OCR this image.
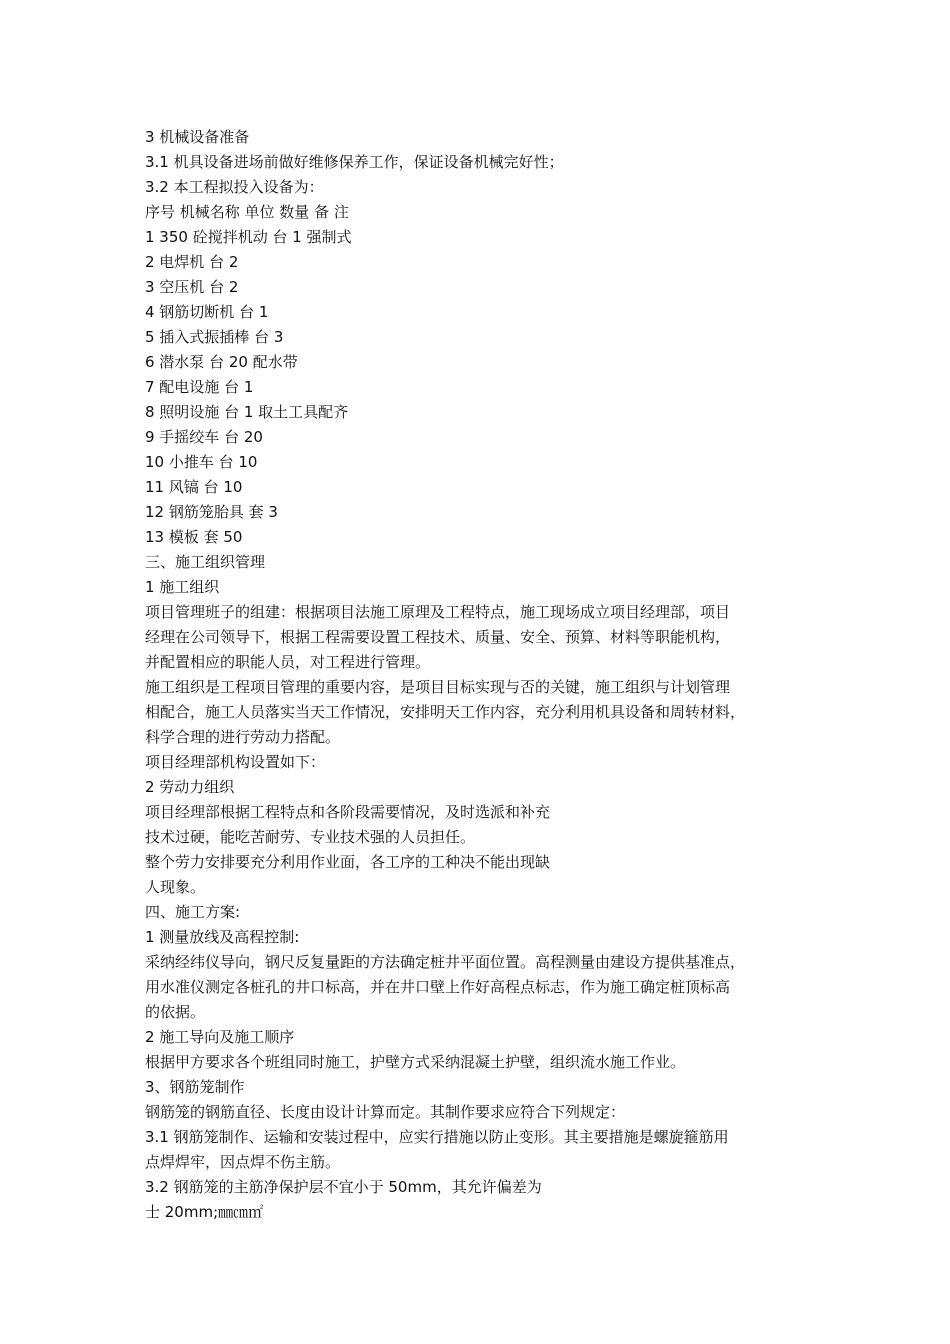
3 机械设备准备
3.1 机具设备进场前做好维修保养工作，保证设备机械完好性；
3.2 本工程拟投入设备为：
序号 机械名称 单位 数量 备 注
1 350 砼搅拌机动 台 1 强制式
2 电焊机 台 2
3 空压机 台 2
4 钢筋切断机 台 1
5 插入式振插棒 台 3
6 潜水泵 台 20 配水带
7 配电设施 台 1
8 照明设施 台 1 取土工具配齐
9 手摇绞车 台 20
10 小推车 台 10
11 风镐 台 10
12 钢筋笼胎具 套 3
13 模板 套 50
三、施工组织管理
1 施工组织
项目管理班子的组建：根据项目法施工原理及工程特点，施工现场成立项目经理部，项目
经理在公司领导下，根据工程需要设置工程技术、质量、安全、预算、材料等职能机构，
并配置相应的职能人员，对工程进行管理。
施工组织是工程项目管理的重要内容，是项目目标实现与否的关键，施工组织与计划管理
相配合，施工人员落实当天工作情况，安排明天工作内容，充分利用机具设备和周转材料，
科学合理的进行劳动力搭配。
项目经理部机构设置如下：
2 劳动力组织
项目经理部根据工程特点和各阶段需要情况，及时选派和补充
技术过硬，能吃苦耐劳、专业技术强的人员担任。
整个劳力安排要充分利用作业面，各工序的工种决不能出现缺
人现象。
四、施工方案:
1 测量放线及高程控制:
采纳经纬仪导向，钢尺反复量距的方法确定桩井平面位置。高程测量由建设方提供基准点，
用水准仪测定各桩孔的井口标高，并在井口壁上作好高程点标志，作为施工确定桩顶标高
的依据。
2 施工导向及施工顺序
根据甲方要求各个班组同时施工，护壁方式采纳混凝土护壁，组织流水施工作业。
3、钢筋笼制作
钢筋笼的钢筋直径、长度由设计计算而定。其制作要求应符合下列规定：
3.1 钢筋笼制作、运输和安装过程中，应实行措施以防止变形。其主要措施是螺旋箍筋用
点焊焊牢，因点焊不伤主筋。
3.2 钢筋笼的主筋净保护层不宜小于 50mm，其允许偏差为
士 20mm;㎜㎝㎡
